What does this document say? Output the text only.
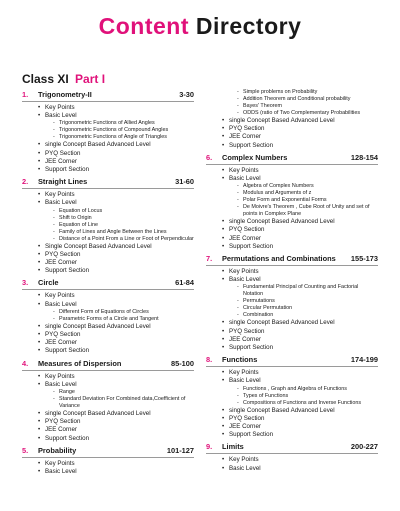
Content Directory
Class XI Part I
1.	Trigonometry-II	3-30
• Key Points
• Basic Level
- Trigonometric Functions of Allied Angles
- Trigonometric Functions of Compound Angles
- Trigonometric Functions of Angle of Triangles
• single Concept Based Advanced Level
• PYQ Section
• JEE Corner
• Support Section
2.	Straight Lines	31-60
• Key Points
• Basic Level
- Equation of Locus
- Shift to Origin
- Equation of Line
- Family of Lines and Angle Between the Lines
- Distance of a Point From a Line or Foot of Perpendicular
• Single Concept Based Advanced Level
• PYQ Section
• JEE Corner
• Support Section
3.	Circle	61-84
• Key Points
• Basic Level
- Different Form of Equations of Circles
- Parametric Forms of a Circle and Tangent
• single Concept Based Advanced Level
• PYQ Section
• JEE Corner
• Support Section
4.	Measures of Dispersion	85-100
• Key Points
• Basic Level
- Range
- Standard Deviation For Combined data,Coefficient of Variance
• single Concept Based Advanced Level
• PYQ Section
• JEE Corner
• Support Section
5.	Probability	101-127
• Key Points
• Basic Level
- Simple problems on Probability
- Addition Theorem and Conditional probability
- Bayes' Theorem
- ODDS (ratio of Two Complementary Probabilities
• single Concept Based Advanced Level
• PYQ Section
• JEE Corner
• Support Section
6.	Complex Numbers	128-154
• Key Points
• Basic Level
- Algebra of Complex Numbers
- Modulus and Arguments of z
- Polar Form and Exponential Forms
- De Moivre's Theorem , Cube Root of Unity and set of points in Complex Plane
• single Concept Based Advanced Level
• PYQ Section
• JEE Corner
• Support Section
7.	Permutations and Combinations	155-173
• Key Points
• Basic Level
- Fundamental Principal of Counting and Factorial Notation
- Permutations
- Circular Permutation
- Combination
• single Concept Based Advanced Level
• PYQ Section
• JEE Corner
• Support Section
8.	Functions	174-199
• Key Points
• Basic Level
- Functions , Graph and Algebra of Functions
- Types of Functions
- Compositions of Functions and Inverse Functions
• single Concept Based Advanced Level
• PYQ Section
• JEE Corner
• Support Section
9.	Limits	200-227
• Key Points
• Basic Level
